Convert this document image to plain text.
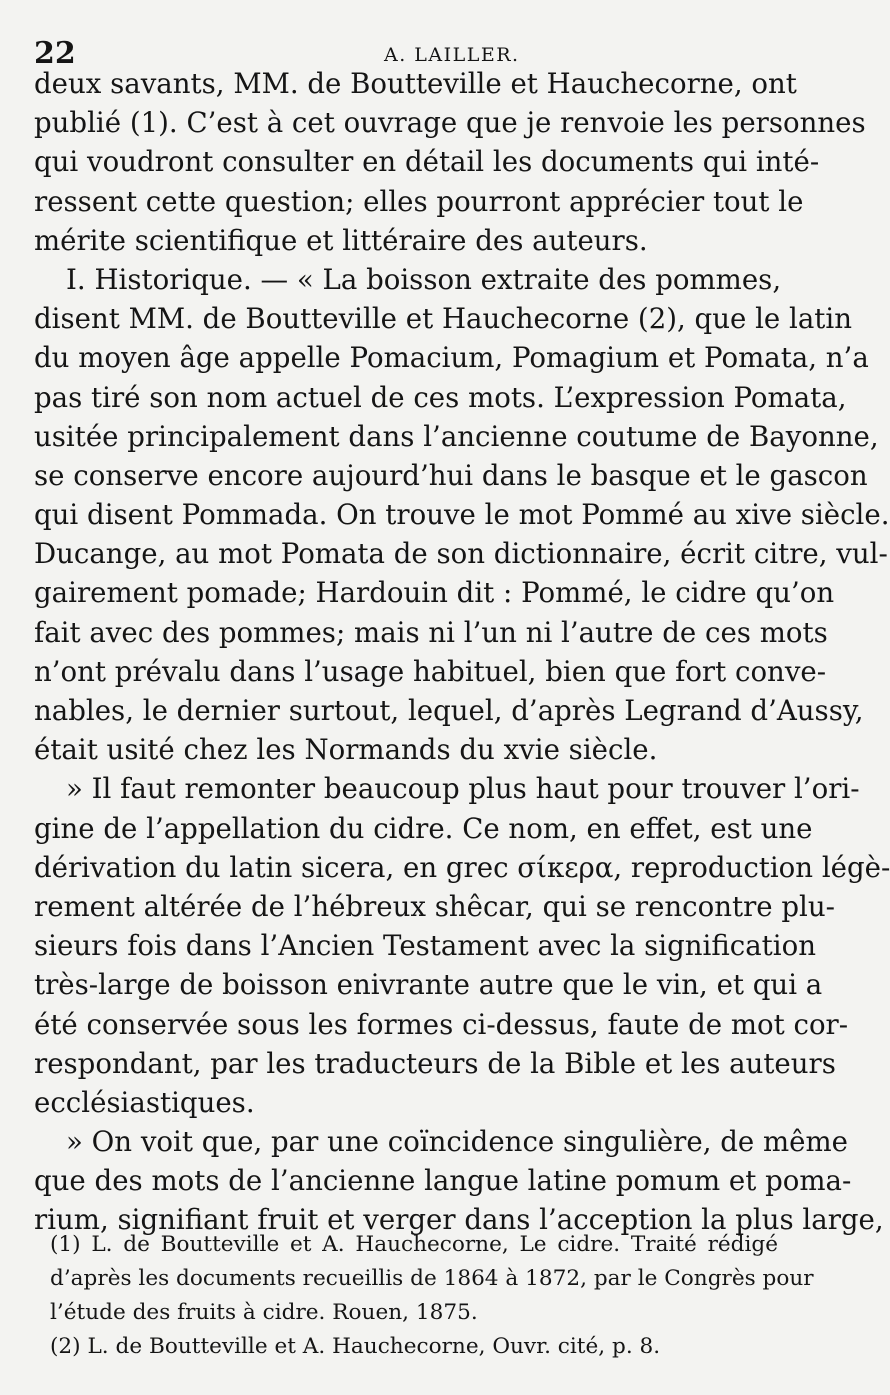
22	A. LAILLER.
deux savants, MM. de Boutteville et Hauchecorne, ont
publié (1). C’est à cet ouvrage que je renvoie les personnes
qui voudront consulter en détail les documents qui inté-
ressent cette question; elles pourront apprécier tout le
mérite scientifique et littéraire des auteurs.
I. Historique. — « La boisson extraite des pommes,
disent MM. de Boutteville et Hauchecorne (2), que le latin
du moyen âge appelle Pomacium, Pomagium et Pomata, n’a
pas tiré son nom actuel de ces mots. L’expression Pomata,
usitée principalement dans l’ancienne coutume de Bayonne,
se conserve encore aujourd’hui dans le basque et le gascon
qui disent Pommada. On trouve le mot Pommé au xive siècle.
Ducange, au mot Pomata de son dictionnaire, écrit citre, vul-
gairement pomade; Hardouin dit : Pommé, le cidre qu’on
fait avec des pommes; mais ni l’un ni l’autre de ces mots
n’ont prévalu dans l’usage habituel, bien que fort conve-
nables, le dernier surtout, lequel, d’après Legrand d’Aussy,
était usité chez les Normands du xvie siècle.
» Il faut remonter beaucoup plus haut pour trouver l’ori-
gine de l’appellation du cidre. Ce nom, en effet, est une
dérivation du latin sicera, en grec σίκερα, reproduction légè-
rement altérée de l’hébreux shêcar, qui se rencontre plu-
sieurs fois dans l’Ancien Testament avec la signification
très-large de boisson enivrante autre que le vin, et qui a
été conservée sous les formes ci-dessus, faute de mot cor-
respondant, par les traducteurs de la Bible et les auteurs
ecclésiastiques.
» On voit que, par une coïncidence singulière, de même
que des mots de l’ancienne langue latine pomum et poma-
rium, signifiant fruit et verger dans l’acception la plus large,
(1) L. de Boutteville et A. Hauchecorne, Le cidre. Traité rédigé
d’après les documents recueillis de 1864 à 1872, par le Congrès pour
l’étude des fruits à cidre. Rouen, 1875.
(2) L. de Boutteville et A. Hauchecorne, Ouvr. cité, p. 8.
